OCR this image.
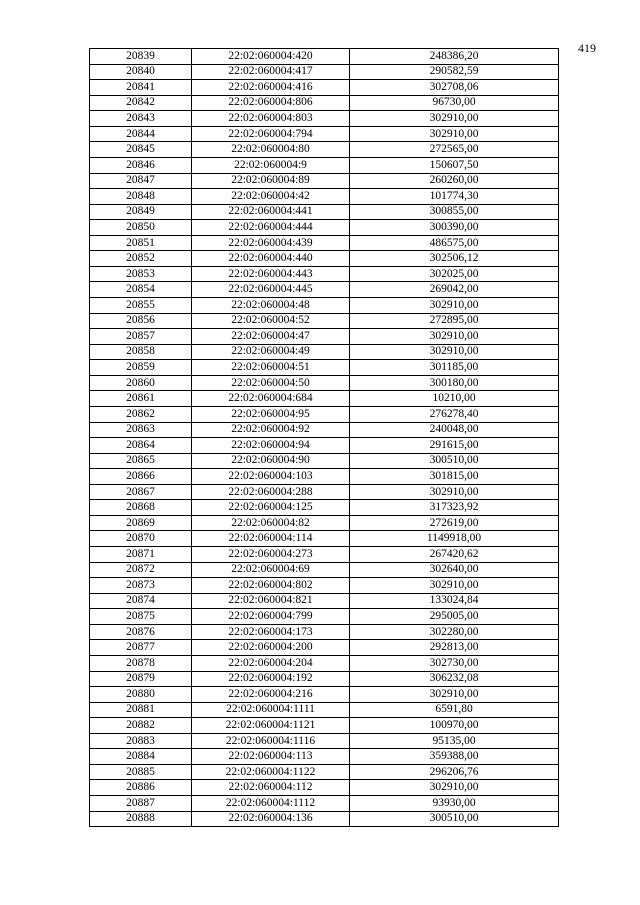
419
20839	22:02:060004:420	248386,20
20840	22:02:060004:417	290582,59
20841	22:02:060004:416	302708,06
20842	22:02:060004:806	96730,00
20843	22:02:060004:803	302910,00
20844	22:02:060004:794	302910,00
20845	22:02:060004:80	272565,00
20846	22:02:060004:9	150607,50
20847	22:02:060004:89	260260,00
20848	22:02:060004:42	101774,30
20849	22:02:060004:441	300855,00
20850	22:02:060004:444	300390,00
20851	22:02:060004:439	486575,00
20852	22:02:060004:440	302506,12
20853	22:02:060004:443	302025,00
20854	22:02:060004:445	269042,00
20855	22:02:060004:48	302910,00
20856	22:02:060004:52	272895,00
20857	22:02:060004:47	302910,00
20858	22:02:060004:49	302910,00
20859	22:02:060004:51	301185,00
20860	22:02:060004:50	300180,00
20861	22:02:060004:684	10210,00
20862	22:02:060004:95	276278,40
20863	22:02:060004:92	240048,00
20864	22:02:060004:94	291615,00
20865	22:02:060004:90	300510,00
20866	22:02:060004:103	301815,00
20867	22:02:060004:288	302910,00
20868	22:02:060004:125	317323,92
20869	22:02:060004:82	272619,00
20870	22:02:060004:114	1149918,00
20871	22:02:060004:273	267420,62
20872	22:02:060004:69	302640,00
20873	22:02:060004:802	302910,00
20874	22:02:060004:821	133024,84
20875	22:02:060004:799	295005,00
20876	22:02:060004:173	302280,00
20877	22:02:060004:200	292813,00
20878	22:02:060004:204	302730,00
20879	22:02:060004:192	306232,08
20880	22:02:060004:216	302910,00
20881	22:02:060004:1111	6591,80
20882	22:02:060004:1121	100970,00
20883	22:02:060004:1116	95135,00
20884	22:02:060004:113	359388,00
20885	22:02:060004:1122	296206,76
20886	22:02:060004:112	302910,00
20887	22:02:060004:1112	93930,00
20888	22:02:060004:136	300510,00
